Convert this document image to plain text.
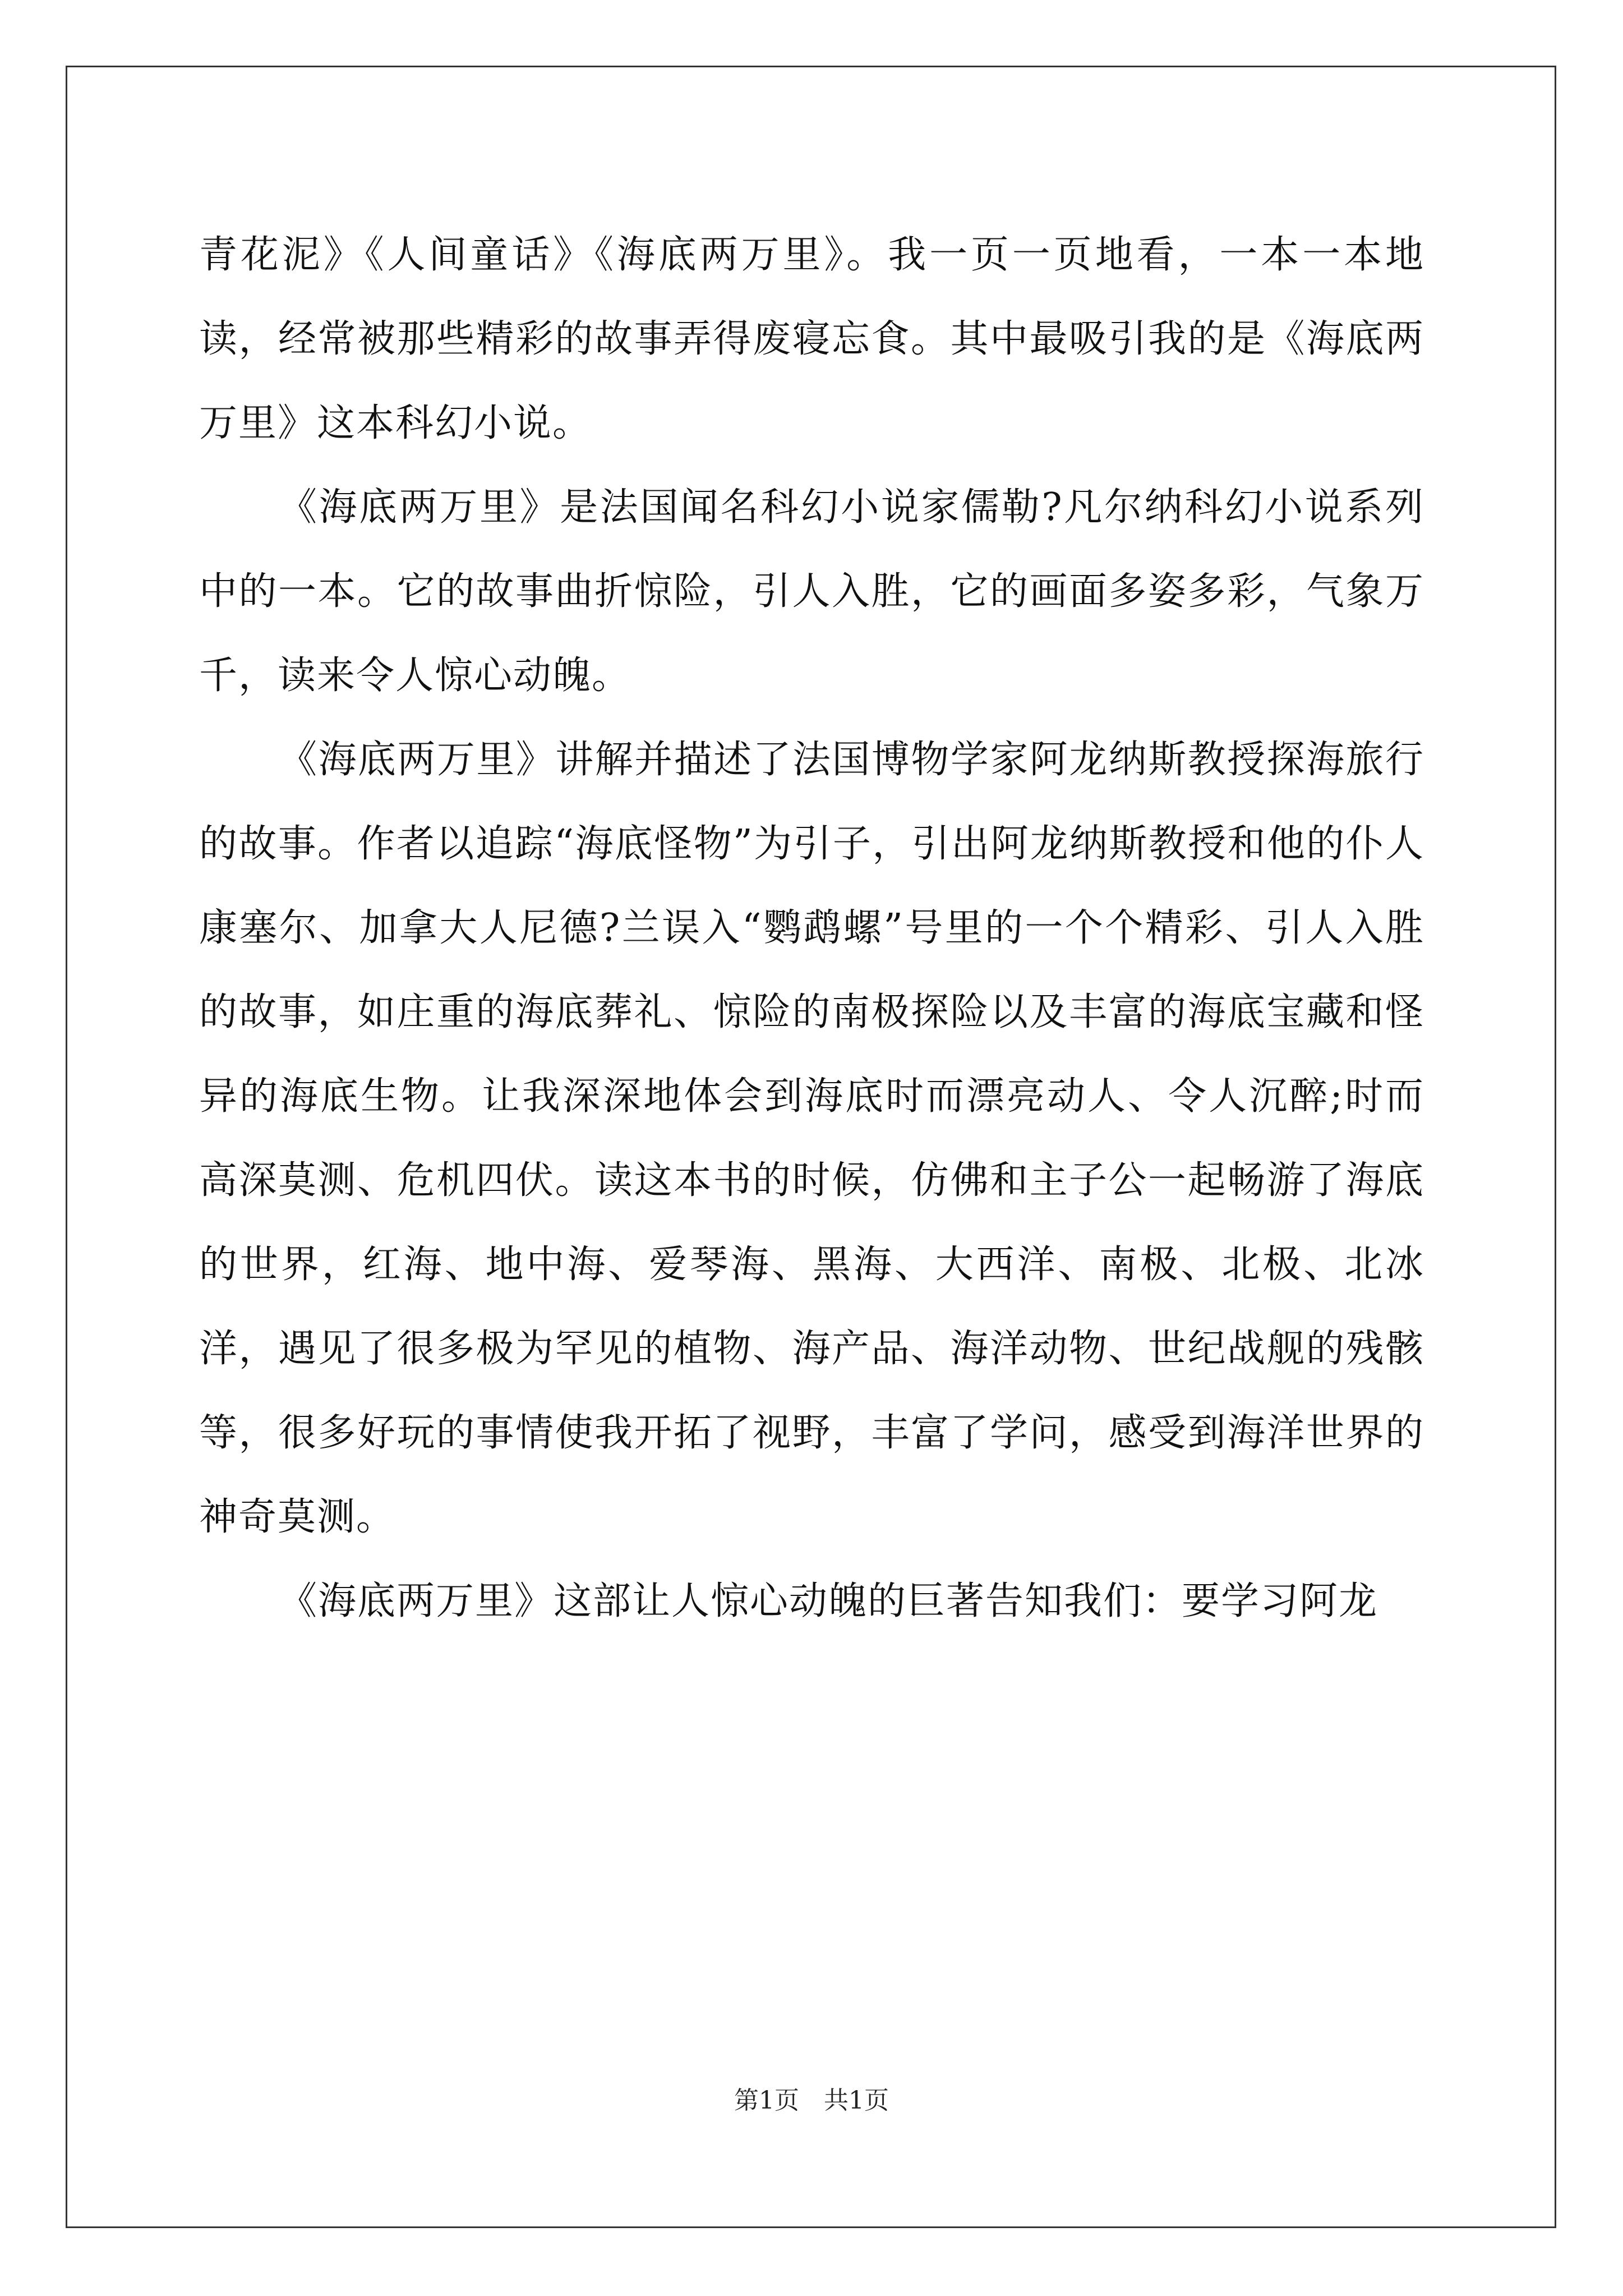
青花泥》《人间童话》《海底两万里》。我一页一页地看，一本一本地读，经常被那些精彩的故事弄得废寝忘食。其中最吸引我的是《海底两万里》这本科幻小说。

《海底两万里》是法国闻名科幻小说家儒勒?凡尔纳科幻小说系列中的一本。它的故事曲折惊险，引人入胜，它的画面多姿多彩，气象万千，读来令人惊心动魄。

《海底两万里》讲解并描述了法国博物学家阿龙纳斯教授探海旅行的故事。作者以追踪“海底怪物”为引子，引出阿龙纳斯教授和他的仆人康塞尔、加拿大人尼德?兰误入“鹦鹉螺”号里的一个个精彩、引人入胜的故事，如庄重的海底葬礼、惊险的南极探险以及丰富的海底宝藏和怪异的海底生物。让我深深地体会到海底时而漂亮动人、令人沉醉;时而高深莫测、危机四伏。读这本书的时候，仿佛和主子公一起畅游了海底的世界，红海、地中海、爱琴海、黑海、大西洋、南极、北极、北冰洋，遇见了很多极为罕见的植物、海产品、海洋动物、世纪战舰的残骸等，很多好玩的事情使我开拓了视野，丰富了学问，感受到海洋世界的神奇莫测。

《海底两万里》这部让人惊心动魄的巨著告知我们：要学习阿龙

第1页　共1页
